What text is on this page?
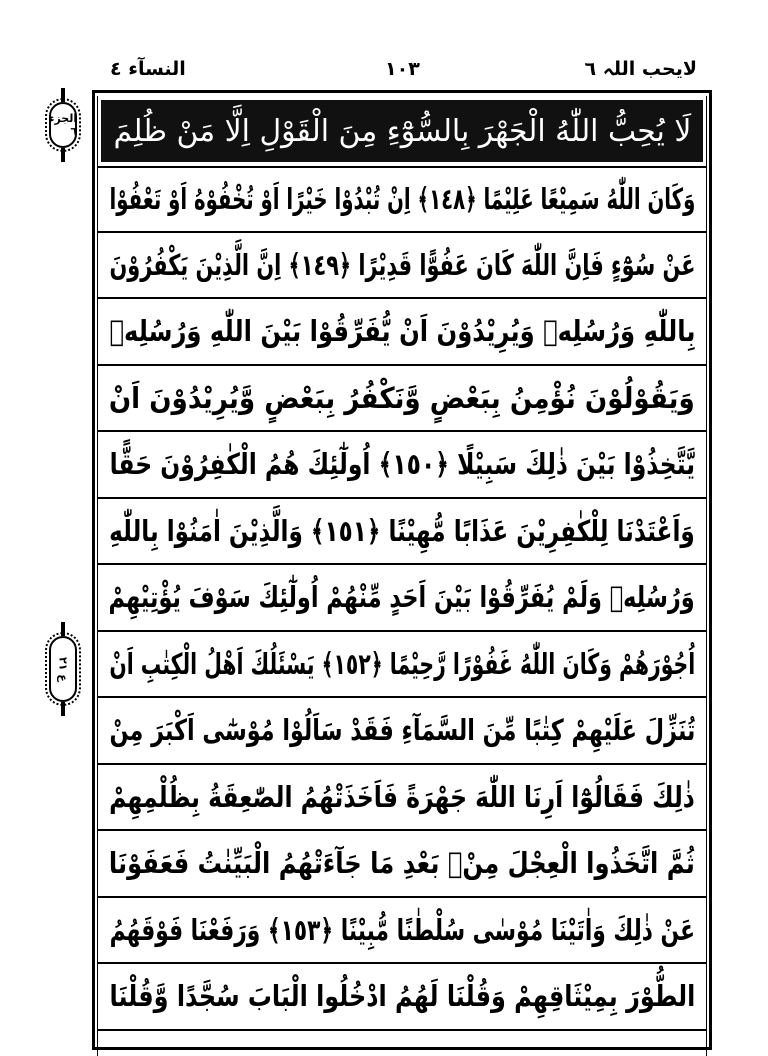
النسآء ٤	١٠٣	لایحب اللہ ٦
الجزء ٦
ع ٢١
لَا يُحِبُّ اللّٰهُ الْجَهْرَ بِالسُّوْٓءِ مِنَ الْقَوْلِ اِلَّا مَنْ ظُلِمَ
وَكَانَ اللّٰهُ سَمِيْعًا عَلِيْمًا ﴿١٤٨﴾ اِنْ تُبْدُوْا خَيْرًا اَوْ تُخْفُوْهُ اَوْ تَعْفُوْا
عَنْ سُوْٓءٍ فَاِنَّ اللّٰهَ كَانَ عَفُوًّا قَدِيْرًا ﴿١٤٩﴾ اِنَّ الَّذِيْنَ يَكْفُرُوْنَ
بِاللّٰهِ وَرُسُلِهٖ وَيُرِيْدُوْنَ اَنْ يُّفَرِّقُوْا بَيْنَ اللّٰهِ وَرُسُلِهٖ
وَيَقُوْلُوْنَ نُؤْمِنُ بِبَعْضٍ وَّنَكْفُرُ بِبَعْضٍ وَّيُرِيْدُوْنَ اَنْ
يَّتَّخِذُوْا بَيْنَ ذٰلِكَ سَبِيْلًا ﴿١٥٠﴾ اُولٰٓئِكَ هُمُ الْكٰفِرُوْنَ حَقًّا
وَاَعْتَدْنَا لِلْكٰفِرِيْنَ عَذَابًا مُّهِيْنًا ﴿١٥١﴾ وَالَّذِيْنَ اٰمَنُوْا بِاللّٰهِ
وَرُسُلِهٖ وَلَمْ يُفَرِّقُوْا بَيْنَ اَحَدٍ مِّنْهُمْ اُولٰٓئِكَ سَوْفَ يُؤْتِيْهِمْ
اُجُوْرَهُمْ وَكَانَ اللّٰهُ غَفُوْرًا رَّحِيْمًا ﴿١٥٢﴾ يَسْئَلُكَ اَهْلُ الْكِتٰبِ اَنْ
تُنَزِّلَ عَلَيْهِمْ كِتٰبًا مِّنَ السَّمَآءِ فَقَدْ سَاَلُوْا مُوْسٰٓى اَكْبَرَ مِنْ
ذٰلِكَ فَقَالُوْٓا اَرِنَا اللّٰهَ جَهْرَةً فَاَخَذَتْهُمُ الصّٰعِقَةُ بِظُلْمِهِمْ
ثُمَّ اتَّخَذُوا الْعِجْلَ مِنْۢ بَعْدِ مَا جَآءَتْهُمُ الْبَيِّنٰتُ فَعَفَوْنَا
عَنْ ذٰلِكَ وَاٰتَيْنَا مُوْسٰى سُلْطٰنًا مُّبِيْنًا ﴿١٥٣﴾ وَرَفَعْنَا فَوْقَهُمُ
الطُّوْرَ بِمِيْثَاقِهِمْ وَقُلْنَا لَهُمُ ادْخُلُوا الْبَابَ سُجَّدًا وَّقُلْنَا
